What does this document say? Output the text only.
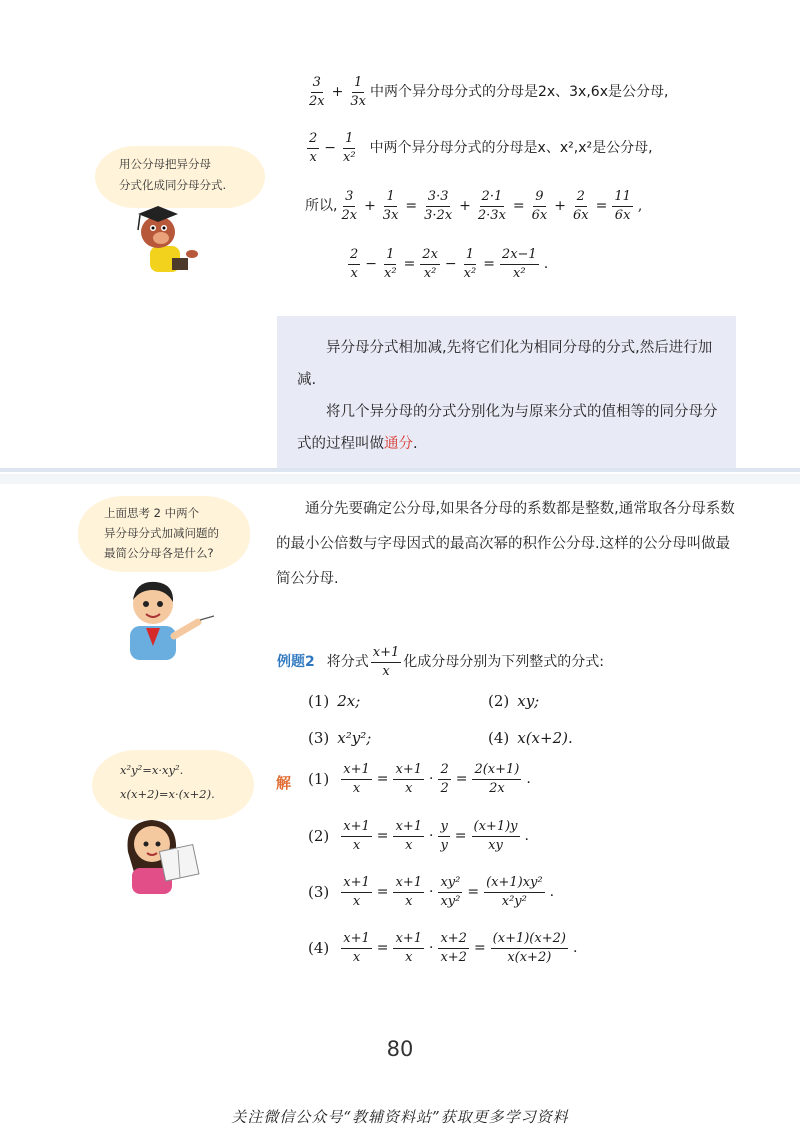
$\frac{3}{2x} + \frac{1}{3x}$ 中两个异分母分式的分母是2x、3x,6x是公分母,
$\frac{2}{x} - \frac{1}{\text{x²}}$ 中两个异分母分式的分母是x、x²,x²是公分母,
所以, $\frac{3}{2x} + \frac{1}{3x} = \frac{3\cdot 3}{3\cdot 2x} + \frac{2\cdot 1}{2\cdot 3x} = \frac{9}{6x} + \frac{2}{6x} = \frac{11}{6x}$ ,
$\frac{2}{x} - \frac{1}{\text{x²}} = \frac{2x}{\text{x²}} - \frac{1}{\text{x²}} = \frac{2x-1}{\text{x²}}$ .
用公分母把异分母
分式化成同分母分式.

异分母分式相加减,先将它们化为相同分母的分式,然后进行加减.

将几个异分母的分式分别化为与原来分式的值相等的同分母分式的过程叫做通分.

上面思考 2 中两个
异分母分式加减问题的
最简公分母各是什么?

通分先要确定公分母,如果各分母的系数都是整数,通常取各分母系数的最小公倍数与字母因式的最高次幂的积作公分母.这样的公分母叫做最简公分母.

例题2 将分式 $\frac{x+1}{x}$ 化成分母分别为下列整式的分式:
(1) 2x;	(2) xy;
(3) x²y²;	(4) x(x+2).
x²y²=x·xy².
x(x+2)=x·(x+2).
解 $(1) \frac{x+1}{x} = \frac{x+1}{x} \cdot \frac{2}{2} = \frac{2(x+1)}{2x}$ .
$(2) \frac{x+1}{x} = \frac{x+1}{x} \cdot \frac{y}{y} = \frac{(x+1)y}{xy}$ .
$(3) \frac{x+1}{x} = \frac{x+1}{x} \cdot \frac{\text{xy²}}{\text{xy²}} = \frac{\text{(x+1)xy²}}{\text{x²y²}}$ .
$(4) \frac{x+1}{x} = \frac{x+1}{x} \cdot \frac{x+2}{x+2} = \frac{(x+1)(x+2)}{x(x+2)}$ .
80
关注微信公众号“教辅资料站”获取更多学习资料
